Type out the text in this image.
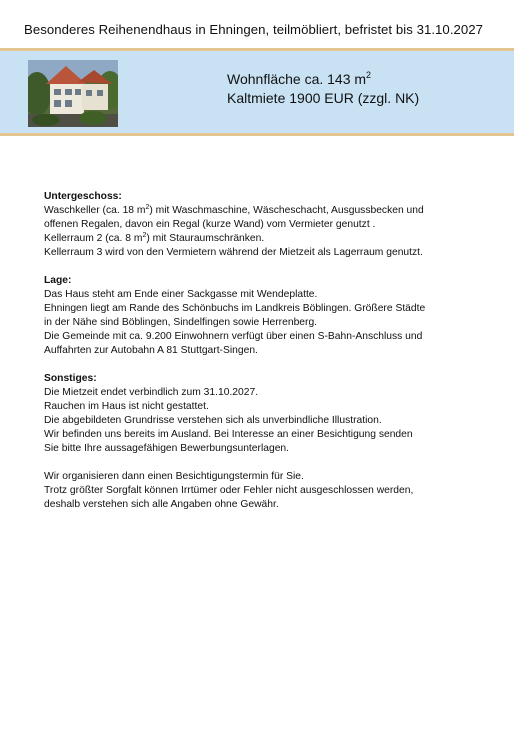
Besonderes Reihenendhaus in Ehningen, teilmöbliert, befristet bis 31.10.2027
Wohnfläche ca. 143 $m^2$
Kaltmiete 1900 EUR (zzgl. NK)

Untergeschoss:

Waschkeller (ca. 18 $m^2$) mit Waschmaschine, Wäscheschacht, Ausgussbecken und

offenen Regalen, davon ein Regal (kurze Wand) vom Vermieter genutzt .

Kellerraum 2 (ca. 8 $m^2$) mit Stauraumschränken.

Kellerraum 3 wird von den Vermietern während der Mietzeit als Lagerraum genutzt.

Lage:

Das Haus steht am Ende einer Sackgasse mit Wendeplatte.

Ehningen liegt am Rande des Schönbuchs im Landkreis Böblingen. Größere Städte

in der Nähe sind Böblingen, Sindelfingen sowie Herrenberg.

Die Gemeinde mit ca. 9.200 Einwohnern verfügt über einen S-Bahn-Anschluss und

Auffahrten zur Autobahn A 81 Stuttgart-Singen.

Sonstiges:

Die Mietzeit endet verbindlich zum 31.10.2027.

Rauchen im Haus ist nicht gestattet.

Die abgebildeten Grundrisse verstehen sich als unverbindliche Illustration.

Wir befinden uns bereits im Ausland. Bei Interesse an einer Besichtigung senden

Sie bitte Ihre aussagefähigen Bewerbungsunterlagen.

Wir organisieren dann einen Besichtigungstermin für Sie.

Trotz größter Sorgfalt können Irrtümer oder Fehler nicht ausgeschlossen werden,

deshalb verstehen sich alle Angaben ohne Gewähr.
